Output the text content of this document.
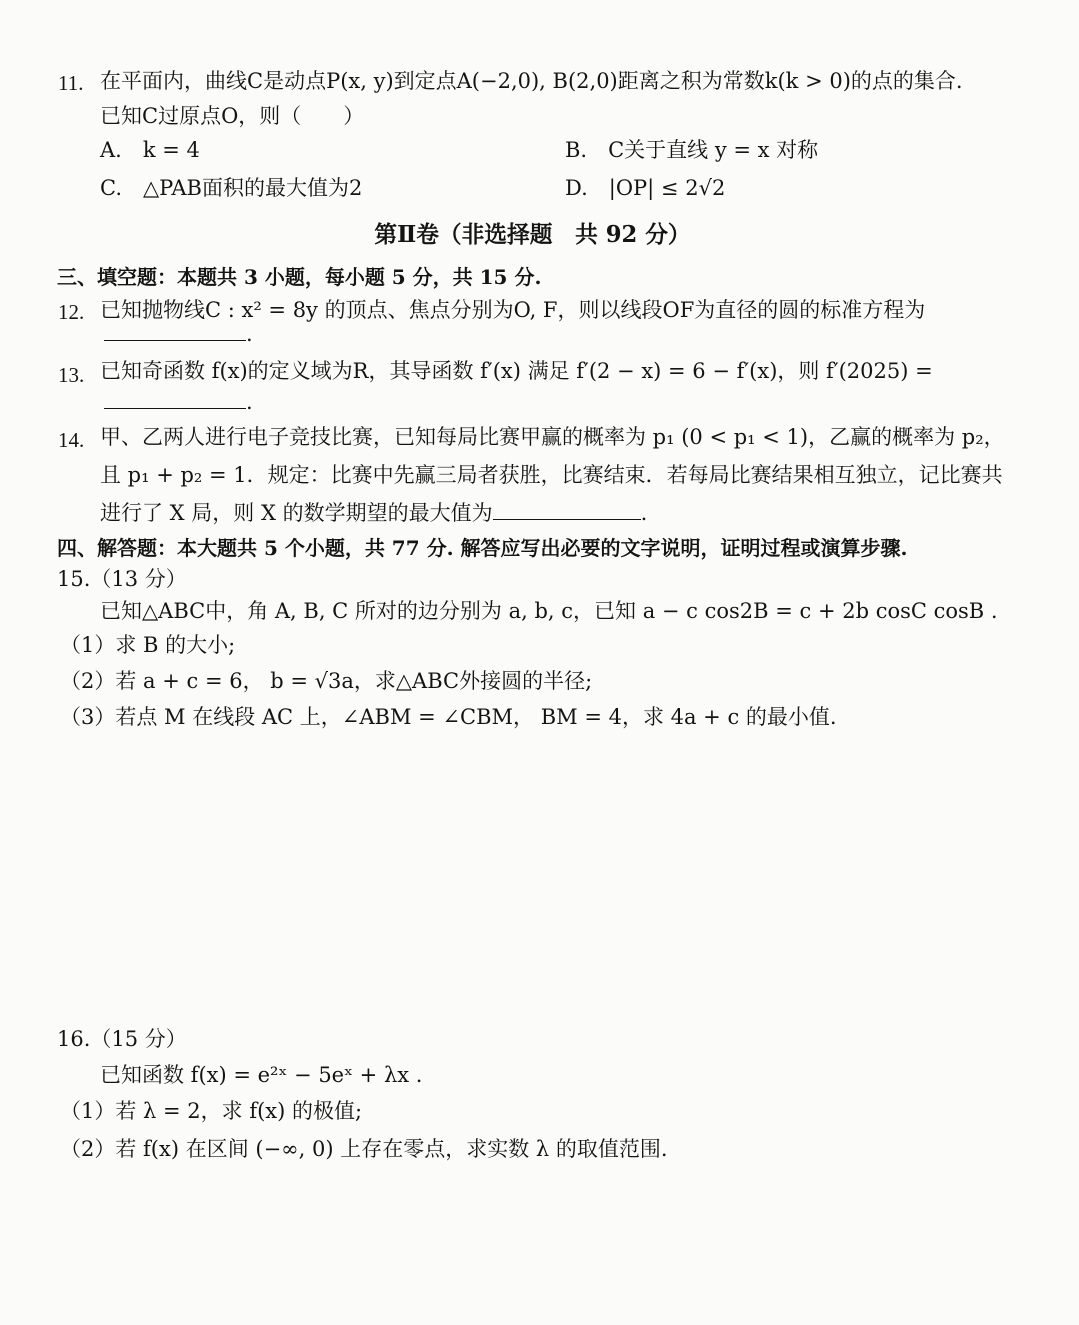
11. 在平面内，曲线C是动点P(x, y)到定点A(−2,0), B(2,0)距离之积为常数k(k > 0)的点的集合.
已知C过原点O，则（　　）
A.　k = 4	B.　C关于直线 y = x 对称
C.　△PAB面积的最大值为2	D.　|OP| ≤ 2√2
第Ⅱ卷（非选择题　共 92 分）
三、填空题：本题共 3 小题，每小题 5 分，共 15 分.
12. 已知抛物线C : x² = 8y 的顶点、焦点分别为O, F，则以线段OF为直径的圆的标准方程为
.
13. 已知奇函数 f(x)的定义域为R，其导函数 f′(x) 满足 f′(2 − x) = 6 − f′(x)，则 f′(2025) =
.
14. 甲、乙两人进行电子竞技比赛，已知每局比赛甲赢的概率为 p₁ (0 < p₁ < 1)，乙赢的概率为 p₂，
且 p₁ + p₂ = 1．规定：比赛中先赢三局者获胜，比赛结束．若每局比赛结果相互独立，记比赛共
进行了 X 局，则 X 的数学期望的最大值为	.
四、解答题：本大题共 5 个小题，共 77 分. 解答应写出必要的文字说明，证明过程或演算步骤.
15.（13 分）
已知△ABC中，角 A, B, C 所对的边分别为 a, b, c，已知 a − c cos2B = c + 2b cosC cosB .
（1）求 B 的大小;
（2）若 a + c = 6， b = √3a，求△ABC外接圆的半径;
（3）若点 M 在线段 AC 上，∠ABM = ∠CBM， BM = 4，求 4a + c 的最小值.
16.（15 分）
已知函数 f(x) = e²ˣ − 5eˣ + λx .
（1）若 λ = 2，求 f(x) 的极值;
（2）若 f(x) 在区间 (−∞, 0) 上存在零点，求实数 λ 的取值范围.
